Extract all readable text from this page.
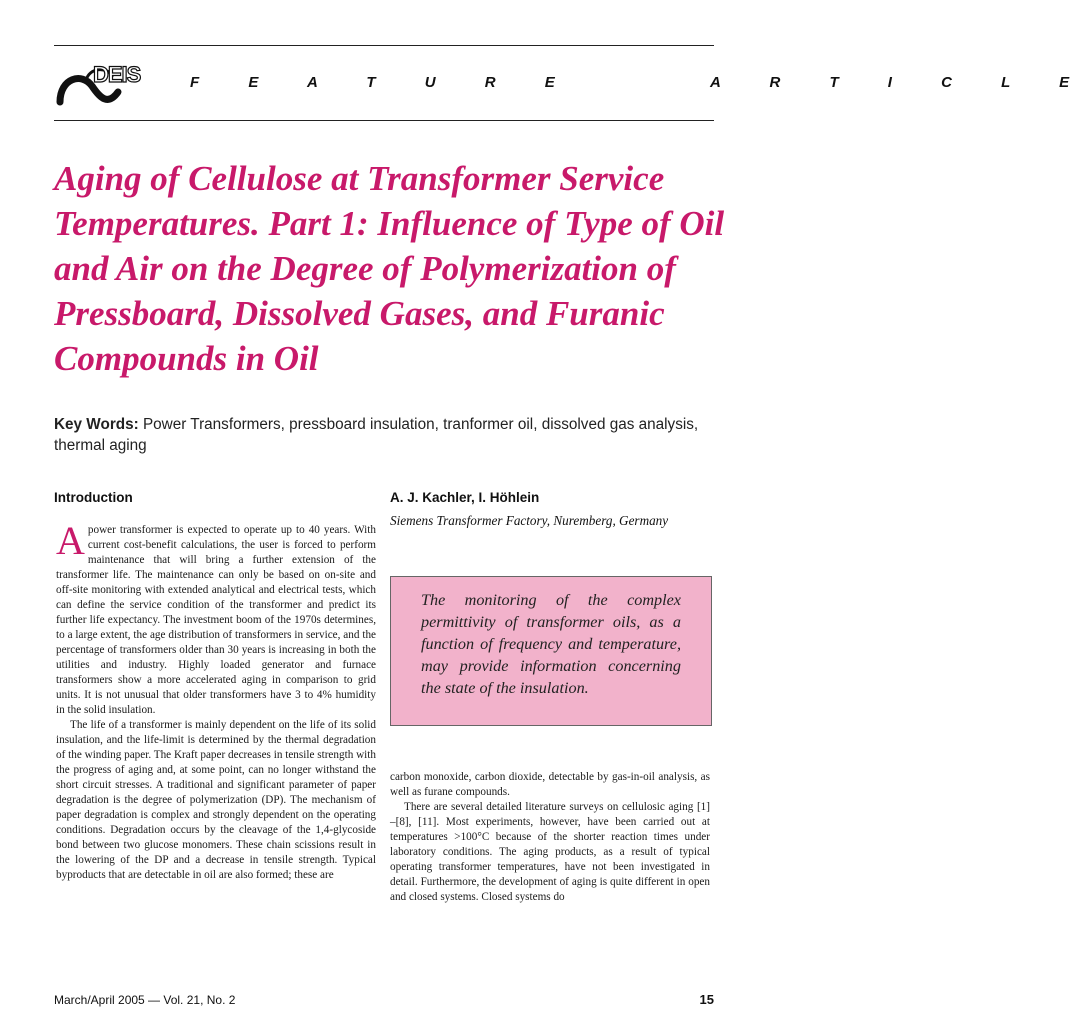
DEIS	F E A T U R E     A R T I C L E
Aging of Cellulose at Transformer Service Temperatures. Part 1: Influence of Type of Oil and Air on the Degree of Polymerization of Pressboard, Dissolved Gases, and Furanic Compounds in Oil
Key Words: Power Transformers, pressboard insulation, tranformer oil, dissolved gas analysis, thermal aging
Introduction	A. J. Kachler, I. Höhlein
Siemens Transformer Factory, Nuremberg, Germany

A power transformer is expected to operate up to 40 years. With current cost-benefit calculations, the user is forced to perform maintenance that will bring a further extension of the transformer life. The maintenance can only be based on on-site and off-site monitoring with extended analytical and electrical tests, which can define the service condition of the transformer and predict its further life expectancy. The investment boom of the 1970s determines, to a large extent, the age distribution of transformers in service, and the percentage of transformers older than 30 years is increasing in both the utilities and industry. Highly loaded generator and furnace transformers show a more accelerated aging in comparison to grid units. It is not unusual that older transformers have 3 to 4% humidity in the solid insulation.

The life of a transformer is mainly dependent on the life of its solid insulation, and the life-limit is determined by the thermal degradation of the winding paper. The Kraft paper decreases in tensile strength with the progress of aging and, at some point, can no longer withstand the short circuit stresses. A traditional and significant parameter of paper degradation is the degree of polymerization (DP). The mechanism of paper degradation is complex and strongly dependent on the operating conditions. Degradation occurs by the cleavage of the 1,4-glycoside bond between two glucose monomers. These chain scissions result in the lowering of the DP and a decrease in tensile strength. Typical byproducts that are detectable in oil are also formed; these are

The monitoring of the complex permittivity of transformer oils, as a function of frequency and temperature, may provide information concerning the state of the insulation.

carbon monoxide, carbon dioxide, detectable by gas-in-oil analysis, as well as furane compounds.

There are several detailed literature surveys on cellulosic aging [1] –[8], [11]. Most experiments, however, have been carried out at temperatures >100°C because of the shorter reaction times under laboratory conditions. The aging products, as a result of typical operating transformer temperatures, have not been investigated in detail. Furthermore, the development of aging is quite different in open and closed systems. Closed systems do

March/April 2005 — Vol. 21, No. 2	15
